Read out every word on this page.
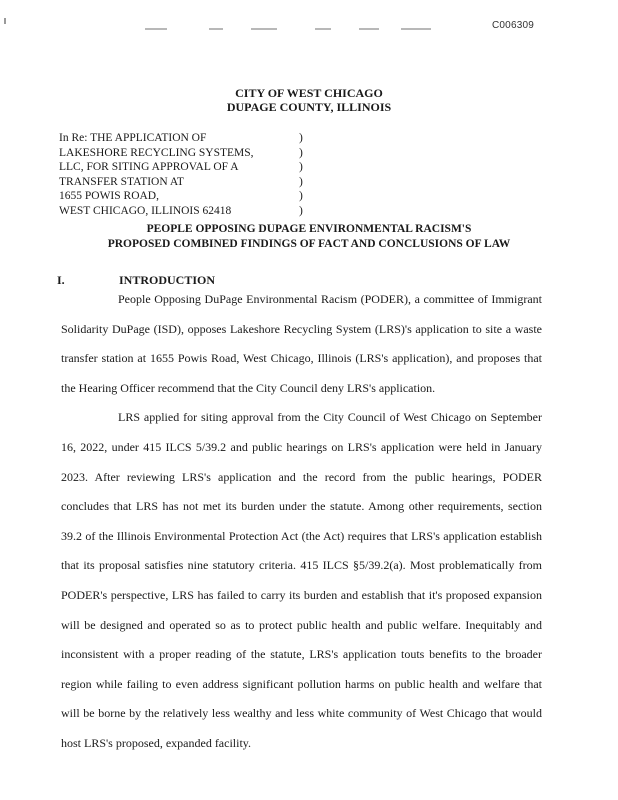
C006309
CITY OF WEST CHICAGO
DUPAGE COUNTY, ILLINOIS
In Re: THE APPLICATION OF
LAKESHORE RECYCLING SYSTEMS,
LLC, FOR SITING APPROVAL OF A
TRANSFER STATION AT
1655 POWIS ROAD,
WEST CHICAGO, ILLINOIS 62418
)
)
)
)
)
)
PEOPLE OPPOSING DUPAGE ENVIRONMENTAL RACISM'S
PROPOSED COMBINED FINDINGS OF FACT AND CONCLUSIONS OF LAW
I.	INTRODUCTION

People Opposing DuPage Environmental Racism (PODER), a committee of Immigrant Solidarity DuPage (ISD), opposes Lakeshore Recycling System (LRS)'s application to site a waste transfer station at 1655 Powis Road, West Chicago, Illinois (LRS's application), and proposes that the Hearing Officer recommend that the City Council deny LRS's application.

LRS applied for siting approval from the City Council of West Chicago on September 16, 2022, under 415 ILCS 5/39.2 and public hearings on LRS's application were held in January 2023. After reviewing LRS's application and the record from the public hearings, PODER concludes that LRS has not met its burden under the statute. Among other requirements, section 39.2 of the Illinois Environmental Protection Act (the Act) requires that LRS's application establish that its proposal satisfies nine statutory criteria. 415 ILCS §5/39.2(a). Most problematically from PODER's perspective, LRS has failed to carry its burden and establish that it's proposed expansion will be designed and operated so as to protect public health and public welfare. Inequitably and inconsistent with a proper reading of the statute, LRS's application touts benefits to the broader region while failing to even address significant pollution harms on public health and welfare that will be borne by the relatively less wealthy and less white community of West Chicago that would host LRS's proposed, expanded facility.
